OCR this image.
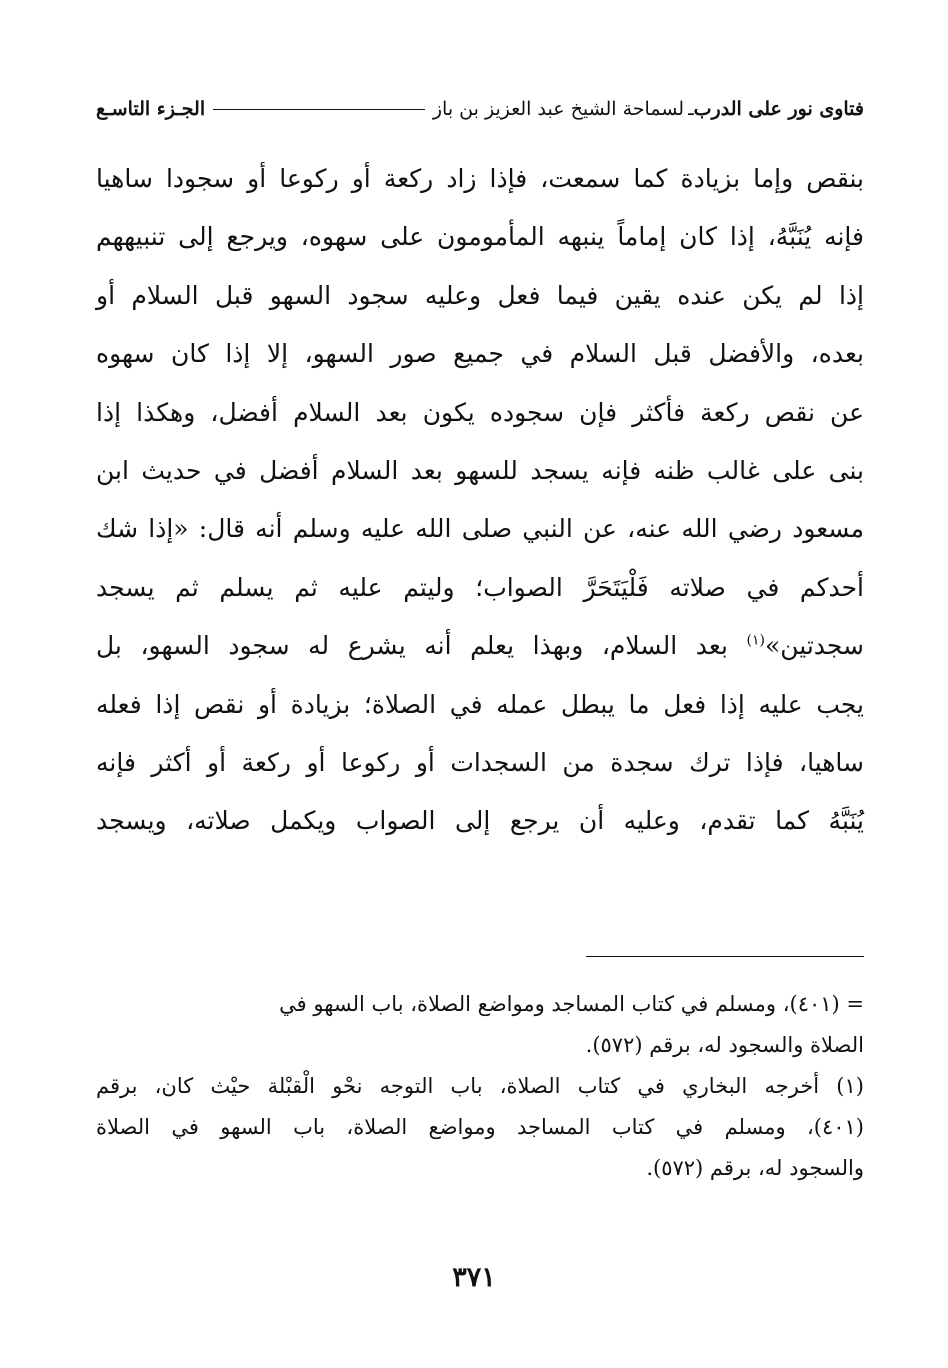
فتاوى نور على الدرب
ـ
لسماحة الشيخ عبد العزيز بن باز
الجـزء التاسـع
بنقص وإما بزيادة كما سمعت، فإذا زاد ركعة أو ركوعا أو سجودا ساهيا
فإنه يُنَبَّهُ، إذا كان إماماً ينبهه المأمومون على سهوه، ويرجع إلى تنبيههم
إذا لم يكن عنده يقين فيما فعل وعليه سجود السهو قبل السلام أو
بعده، والأفضل قبل السلام في جميع صور السهو، إلا إذا كان سهوه
عن نقص ركعة فأكثر فإن سجوده يكون بعد السلام أفضل، وهكذا إذا
بنى على غالب ظنه فإنه يسجد للسهو بعد السلام أفضل في حديث ابن
مسعود رضي الله عنه، عن النبي صلى الله عليه وسلم أنه قال: «إذا شك
أحدكم في صلاته فَلْيَتَحَرَّ الصواب؛ وليتم عليه ثم يسلم ثم يسجد
سجدتين»$^{(١)}$ بعد السلام، وبهذا يعلم أنه يشرع له سجود السهو، بل
يجب عليه إذا فعل ما يبطل عمله في الصلاة؛ بزيادة أو نقص إذا فعله
ساهيا، فإذا ترك سجدة من السجدات أو ركوعا أو ركعة أو أكثر فإنه
يُنَبَّهُ كما تقدم، وعليه أن يرجع إلى الصواب ويكمل صلاته، ويسجد
= (٤٠١)، ومسلم في كتاب المساجد ومواضع الصلاة، باب السهو في
الصلاة والسجود له، برقم (٥٧٢).
(١) أخرجه البخاري في كتاب الصلاة، باب التوجه نحْو الْقبْلة حيْث كان، برقم
(٤٠١)، ومسلم في كتاب المساجد ومواضع الصلاة، باب السهو في الصلاة
والسجود له، برقم (٥٧٢).
٣٧١
